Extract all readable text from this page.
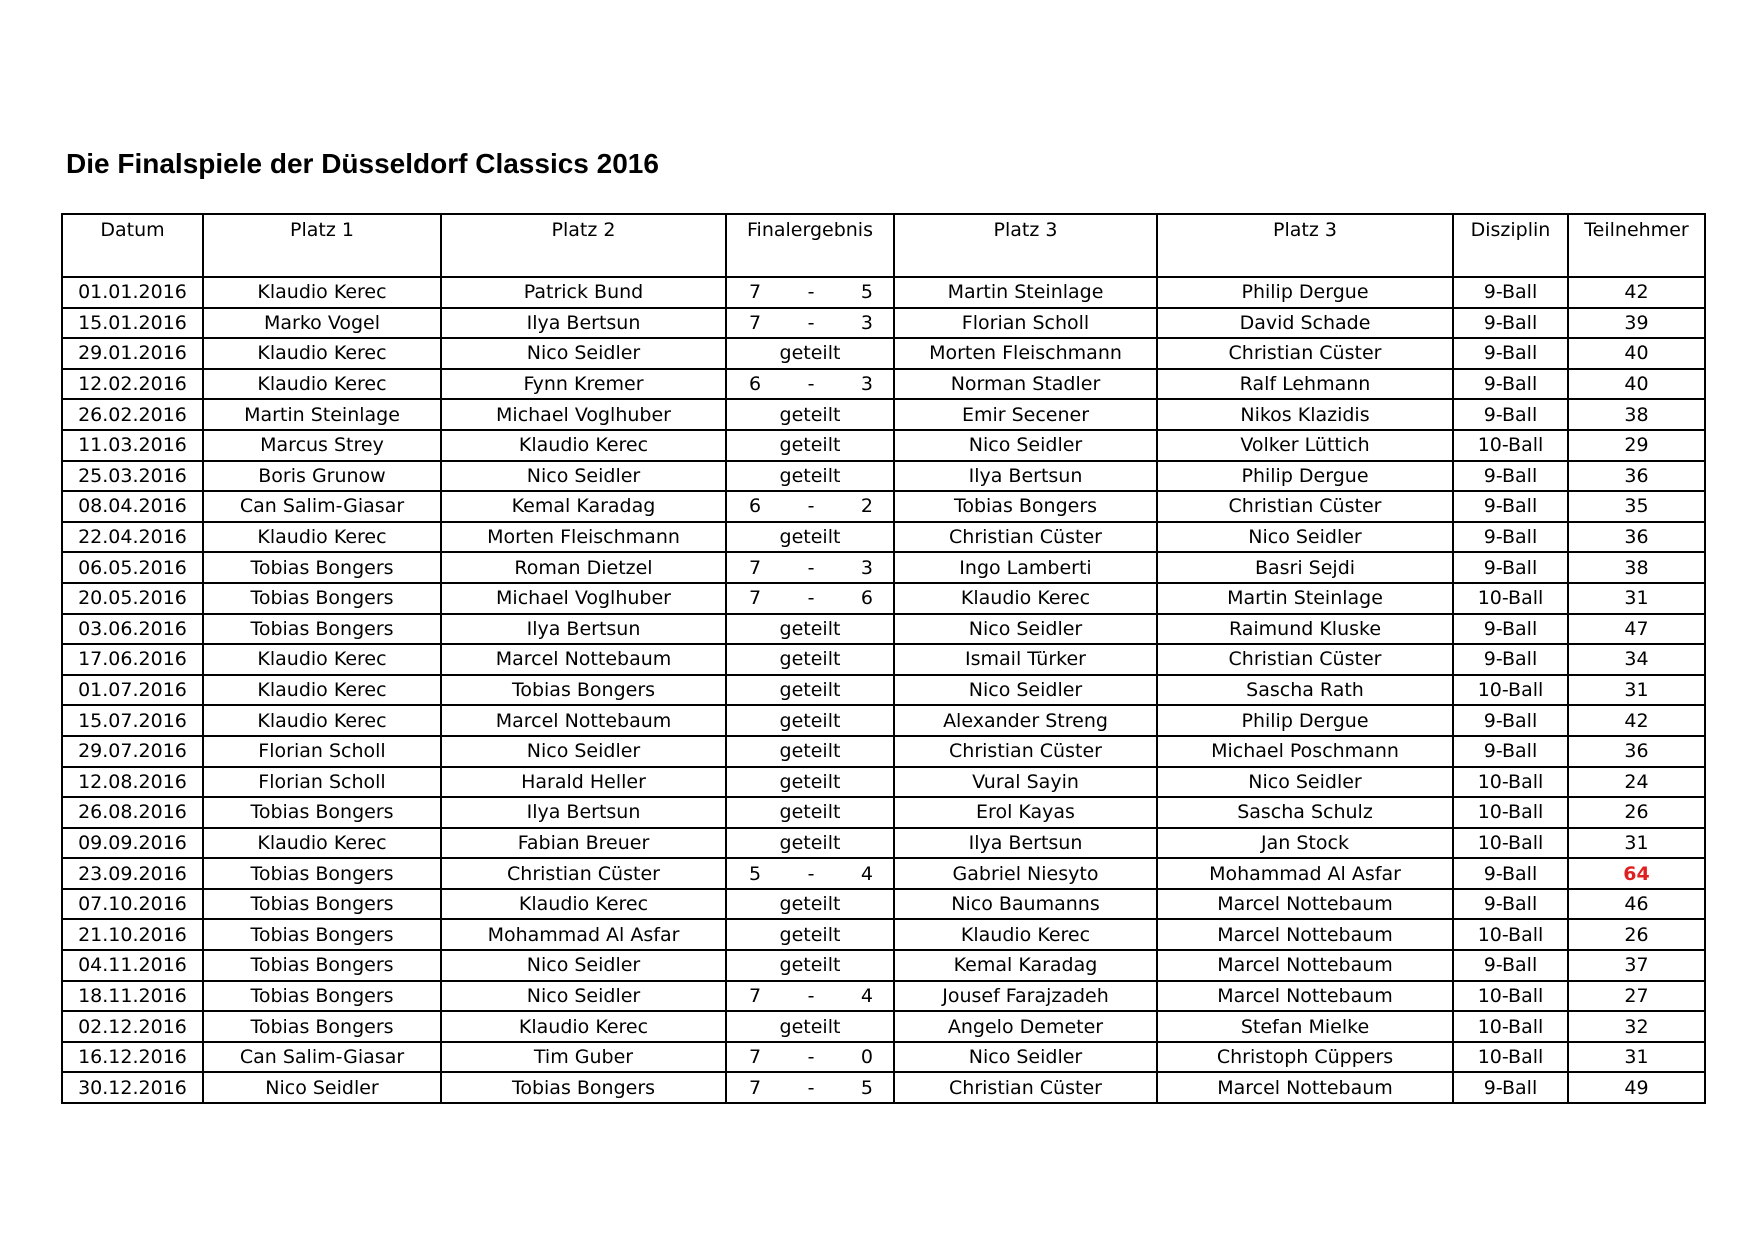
Die Finalspiele der Düsseldorf Classics 2016
Datum	Platz 1	Platz 2	Finalergebnis	Platz 3	Platz 3	Disziplin	Teilnehmer
01.01.2016	Klaudio Kerec	Patrick Bund	7 - 5	Martin Steinlage	Philip Dergue	9-Ball	42
15.01.2016	Marko Vogel	Ilya Bertsun	7 - 3	Florian Scholl	David Schade	9-Ball	39
29.01.2016	Klaudio Kerec	Nico Seidler	geteilt	Morten Fleischmann	Christian Cüster	9-Ball	40
12.02.2016	Klaudio Kerec	Fynn Kremer	6 - 3	Norman Stadler	Ralf Lehmann	9-Ball	40
26.02.2016	Martin Steinlage	Michael Voglhuber	geteilt	Emir Secener	Nikos Klazidis	9-Ball	38
11.03.2016	Marcus Strey	Klaudio Kerec	geteilt	Nico Seidler	Volker Lüttich	10-Ball	29
25.03.2016	Boris Grunow	Nico Seidler	geteilt	Ilya Bertsun	Philip Dergue	9-Ball	36
08.04.2016	Can Salim-Giasar	Kemal Karadag	6 - 2	Tobias Bongers	Christian Cüster	9-Ball	35
22.04.2016	Klaudio Kerec	Morten Fleischmann	geteilt	Christian Cüster	Nico Seidler	9-Ball	36
06.05.2016	Tobias Bongers	Roman Dietzel	7 - 3	Ingo Lamberti	Basri Sejdi	9-Ball	38
20.05.2016	Tobias Bongers	Michael Voglhuber	7 - 6	Klaudio Kerec	Martin Steinlage	10-Ball	31
03.06.2016	Tobias Bongers	Ilya Bertsun	geteilt	Nico Seidler	Raimund Kluske	9-Ball	47
17.06.2016	Klaudio Kerec	Marcel Nottebaum	geteilt	Ismail Türker	Christian Cüster	9-Ball	34
01.07.2016	Klaudio Kerec	Tobias Bongers	geteilt	Nico Seidler	Sascha Rath	10-Ball	31
15.07.2016	Klaudio Kerec	Marcel Nottebaum	geteilt	Alexander Streng	Philip Dergue	9-Ball	42
29.07.2016	Florian Scholl	Nico Seidler	geteilt	Christian Cüster	Michael Poschmann	9-Ball	36
12.08.2016	Florian Scholl	Harald Heller	geteilt	Vural Sayin	Nico Seidler	10-Ball	24
26.08.2016	Tobias Bongers	Ilya Bertsun	geteilt	Erol Kayas	Sascha Schulz	10-Ball	26
09.09.2016	Klaudio Kerec	Fabian Breuer	geteilt	Ilya Bertsun	Jan Stock	10-Ball	31
23.09.2016	Tobias Bongers	Christian Cüster	5 - 4	Gabriel Niesyto	Mohammad Al Asfar	9-Ball	64
07.10.2016	Tobias Bongers	Klaudio Kerec	geteilt	Nico Baumanns	Marcel Nottebaum	9-Ball	46
21.10.2016	Tobias Bongers	Mohammad Al Asfar	geteilt	Klaudio Kerec	Marcel Nottebaum	10-Ball	26
04.11.2016	Tobias Bongers	Nico Seidler	geteilt	Kemal Karadag	Marcel Nottebaum	9-Ball	37
18.11.2016	Tobias Bongers	Nico Seidler	7 - 4	Jousef Farajzadeh	Marcel Nottebaum	10-Ball	27
02.12.2016	Tobias Bongers	Klaudio Kerec	geteilt	Angelo Demeter	Stefan Mielke	10-Ball	32
16.12.2016	Can Salim-Giasar	Tim Guber	7 - 0	Nico Seidler	Christoph Cüppers	10-Ball	31
30.12.2016	Nico Seidler	Tobias Bongers	7 - 5	Christian Cüster	Marcel Nottebaum	9-Ball	49
